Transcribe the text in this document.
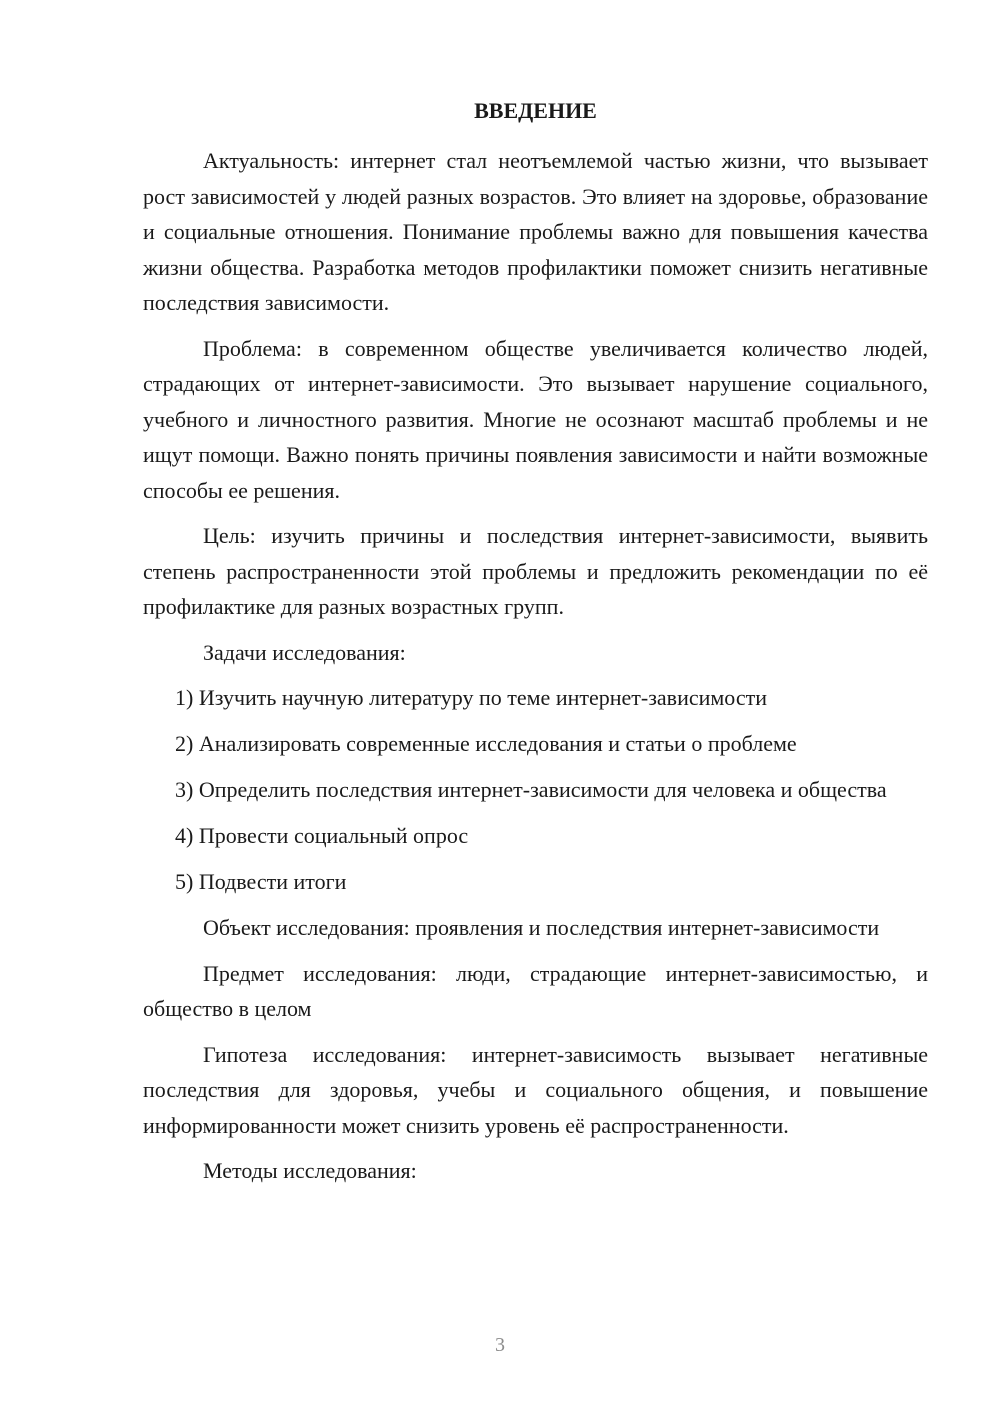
ВВЕДЕНИЕ

Актуальность: интернет стал неотъемлемой частью жизни, что вызывает рост зависимостей у людей разных возрастов. Это влияет на здоровье, образование и социальные отношения. Понимание проблемы важно для повышения качества жизни общества. Разработка методов профилактики поможет снизить негативные последствия зависимости.

Проблема: в современном обществе увеличивается количество людей, страдающих от интернет-зависимости. Это вызывает нарушение социального, учебного и личностного развития. Многие не осознают масштаб проблемы и не ищут помощи. Важно понять причины появления зависимости и найти возможные способы ее решения.

Цель: изучить причины и последствия интернет-зависимости, выявить степень распространенности этой проблемы и предложить рекомендации по её профилактике для разных возрастных групп.

Задачи исследования:

1) Изучить научную литературу по теме интернет-зависимости

2) Анализировать современные исследования и статьи о проблеме

3) Определить последствия интернет-зависимости для человека и общества

4) Провести социальный опрос

5) Подвести итоги

Объект исследования: проявления и последствия интернет-зависимости

Предмет исследования: люди, страдающие интернет-зависимостью, и общество в целом

Гипотеза исследования: интернет-зависимость вызывает негативные последствия для здоровья, учебы и социального общения, и повышение информированности может снизить уровень её распространенности.

Методы исследования:

3
